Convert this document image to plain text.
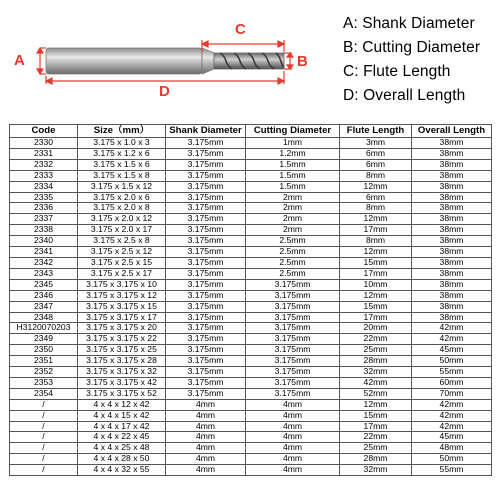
A	B
C
D
A: Shank Diameter
B: Cutting Diameter
C: Flute Length
D: Overall Length
Code	Size（mm）	Shank Diameter	Cutting Diameter	Flute Length	Overall Length
2330	3.175 x 1.0 x 3	3.175mm	1mm	3mm	38mm
2331	3.175 x 1.2 x 6	3.175mm	1.2mm	6mm	38mm
2332	3.175 x 1.5 x 6	3.175mm	1.5mm	6mm	38mm
2333	3.175 x 1.5 x 8	3.175mm	1.5mm	8mm	38mm
2334	3.175 x 1.5 x 12	3.175mm	1.5mm	12mm	38mm
2335	3.175 x 2.0 x 6	3.175mm	2mm	6mm	38mm
2336	3.175 x 2.0 x 8	3.175mm	2mm	8mm	38mm
2337	3.175 x 2.0 x 12	3.175mm	2mm	12mm	38mm
2338	3.175 x 2.0 x 17	3.175mm	2mm	17mm	38mm
2340	3.175 x 2.5 x 8	3.175mm	2.5mm	8mm	38mm
2341	3.175 x 2.5 x 12	3.175mm	2.5mm	12mm	38mm
2342	3.175 x 2.5 x 15	3.175mm	2.5mm	15mm	38mm
2343	3.175 x 2.5 x 17	3.175mm	2.5mm	17mm	38mm
2345	3.175 x 3.175 x 10	3.175mm	3.175mm	10mm	38mm
2346	3.175 x 3.175 x 12	3.175mm	3.175mm	12mm	38mm
2347	3.175 x 3.175 x 15	3.175mm	3.175mm	15mm	38mm
2348	3.175 x 3.175 x 17	3.175mm	3.175mm	17mm	38mm
H3120070203	3.175 x 3.175 x 20	3.175mm	3.175mm	20mm	42mm
2349	3.175 x 3.175 x 22	3.175mm	3.175mm	22mm	42mm
2350	3.175 x 3.175 x 25	3.175mm	3.175mm	25mm	45mm
2351	3.175 x 3.175 x 28	3.175mm	3.175mm	28mm	50mm
2352	3.175 x 3.175 x 32	3.175mm	3.175mm	32mm	55mm
2353	3.175 x 3.175 x 42	3.175mm	3.175mm	42mm	60mm
2354	3.175 x 3.175 x 52	3.175mm	3.175mm	52mm	70mm
/	4 x 4 x 12 x 42	4mm	4mm	12mm	42mm
/	4 x 4 x 15 x 42	4mm	4mm	15mm	42mm
/	4 x 4 x 17 x 42	4mm	4mm	17mm	42mm
/	4 x 4 x 22 x 45	4mm	4mm	22mm	45mm
/	4 x 4 x 25 x 48	4mm	4mm	25mm	48mm
/	4 x 4 x 28 x 50	4mm	4mm	28mm	50mm
/	4 x 4 x 32 x 55	4mm	4mm	32mm	55mm
